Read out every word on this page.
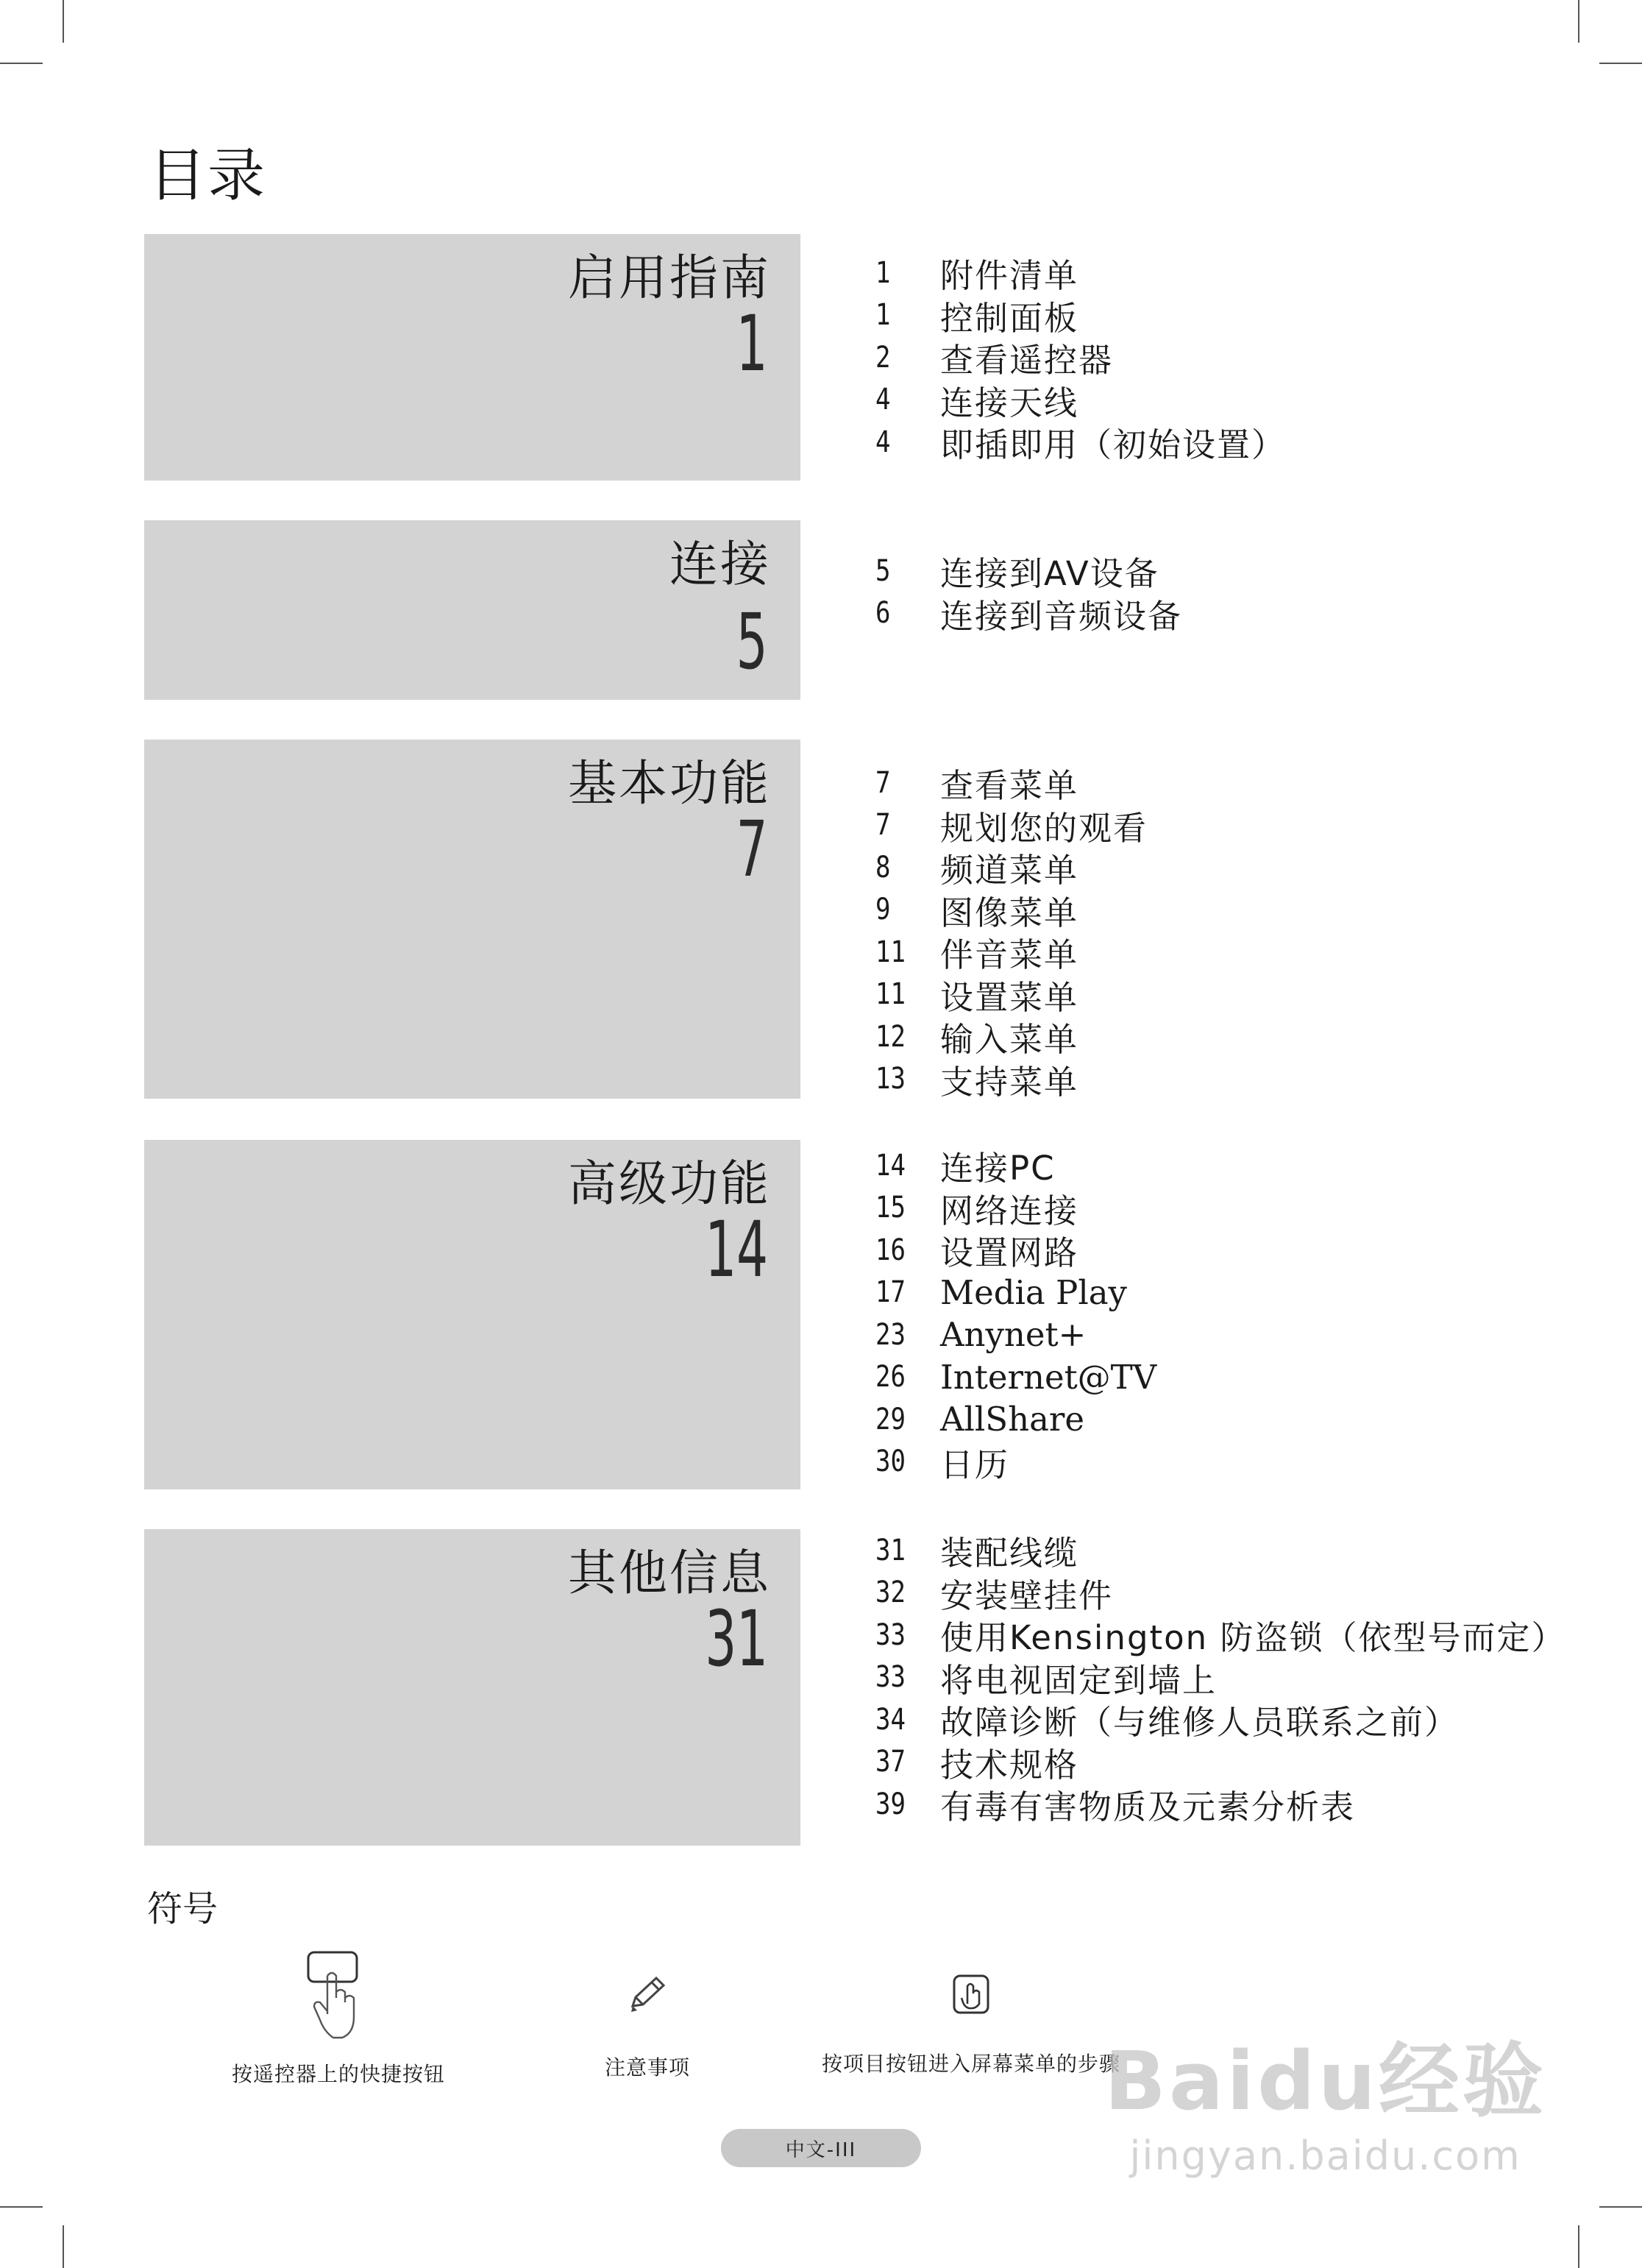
目录
启用指南
1
1	附件清单
1	控制面板
2	查看遥控器
4	连接天线
4	即插即用（初始设置）
连接
5
5	连接到AV设备
6	连接到音频设备
基本功能
7
7	查看菜单
7	规划您的观看
8	频道菜单
9	图像菜单
11	伴音菜单
11	设置菜单
12	输入菜单
13	支持菜单
高级功能
14
14	连接PC
15	网络连接
16	设置网路
17	Media Play
23	Anynet+
26	Internet@TV
29	AllShare
30	日历
其他信息
31
31	装配线缆
32	安装壁挂件
33	使用Kensington 防盗锁（依型号而定）
33	将电视固定到墙上
34	故障诊断（与维修人员联系之前）
37	技术规格
39	有毒有害物质及元素分析表
符号
按遥控器上的快捷按钮	注意事项	按项目按钮进入屏幕菜单的步骤
中文-III
Baidu经验
jingyan.baidu.com
